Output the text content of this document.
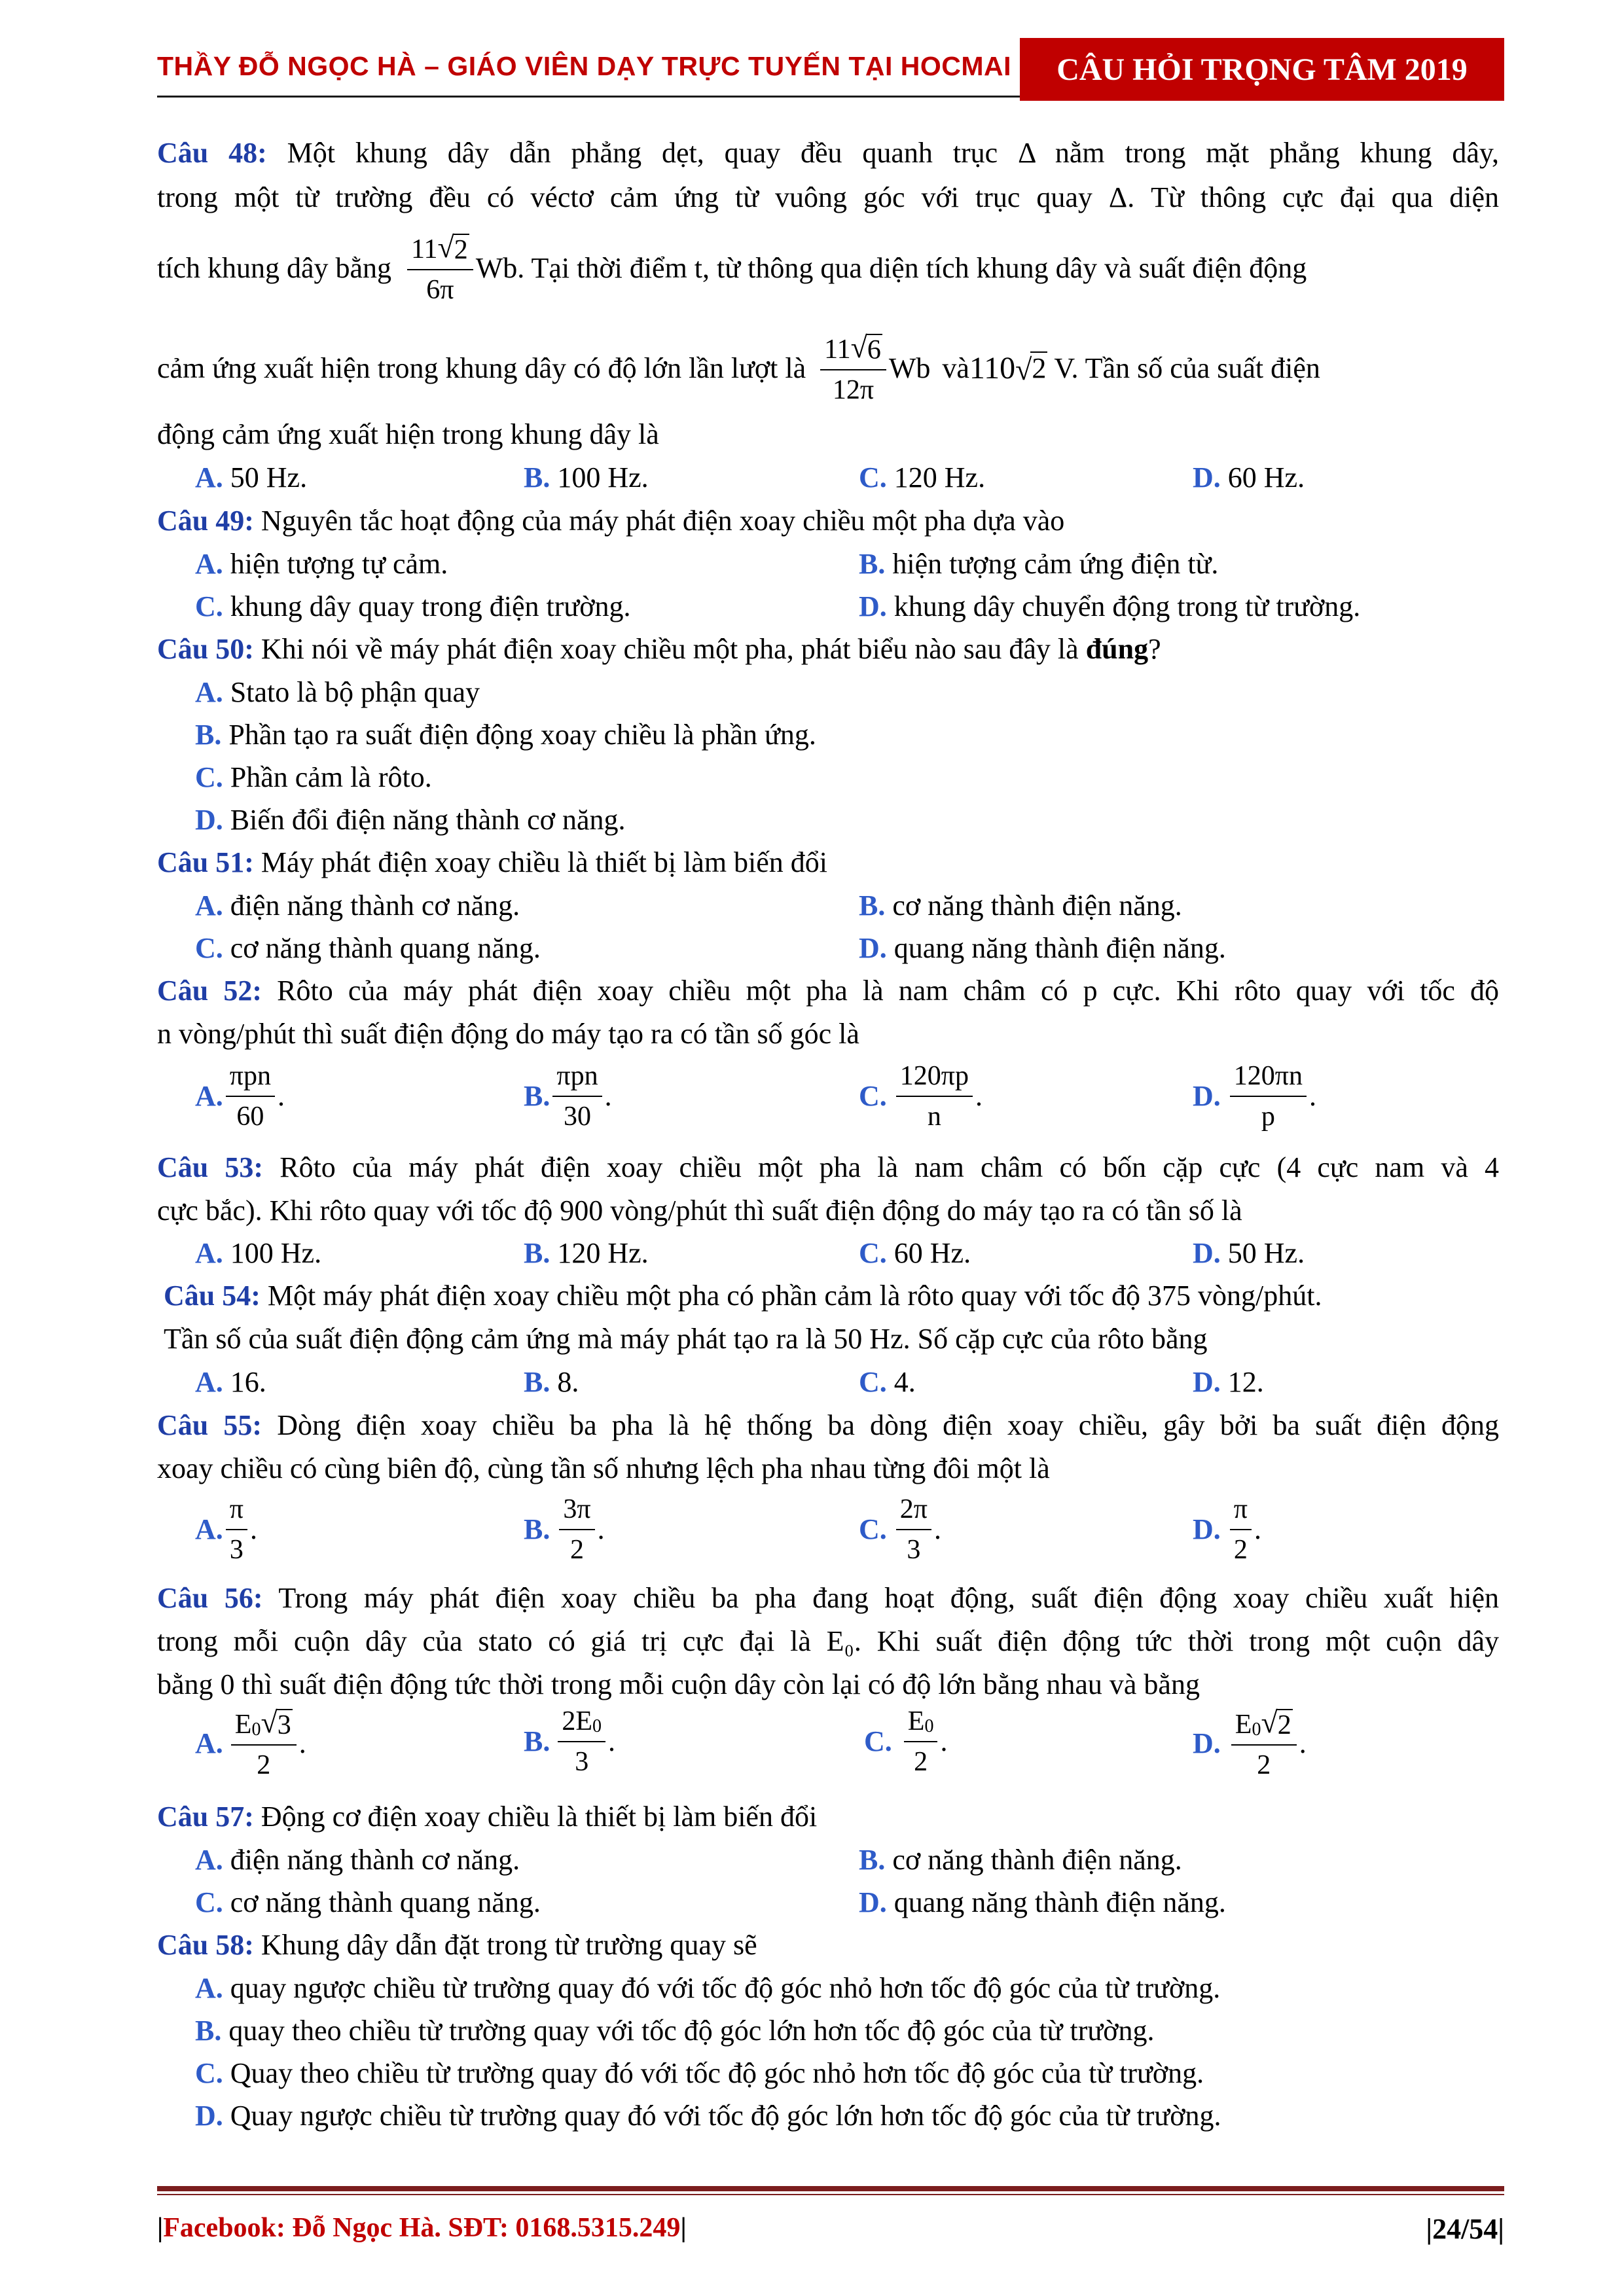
THẦY ĐỖ NGỌC HÀ – GIÁO VIÊN DẠY TRỰC TUYẾN TẠI HOCMAI	CÂU HỎI TRỌNG TÂM 2019
Câu 48: Một khung dây dẫn phẳng dẹt, quay đều quanh trục Δ nằm trong mặt phẳng khung dây,
trong một từ trường đều có véctơ cảm ứng từ vuông góc với trục quay Δ. Từ thông cực đại qua diện
tích khung dây bằng $\frac{11 √ 2}{6\pi} Wb$. Tại thời điểm t, từ thông qua diện tích khung dây và suất điện động
cảm ứng xuất hiện trong khung dây có độ lớn lần lượt là $\frac{11 √ 6}{12\pi}$ Wb và 110 √ 2 V. Tần số của suất điện
động cảm ứng xuất hiện trong khung dây là
A. 50 Hz.	B. 100 Hz.	C. 120 Hz.	D. 60 Hz.
Câu 49: Nguyên tắc hoạt động của máy phát điện xoay chiều một pha dựa vào
A. hiện tượng tự cảm.	B. hiện tượng cảm ứng điện từ.
C. khung dây quay trong điện trường.	D. khung dây chuyển động trong từ trường.
Câu 50: Khi nói về máy phát điện xoay chiều một pha, phát biểu nào sau đây là đúng?
A. Stato là bộ phận quay
B. Phần tạo ra suất điện động xoay chiều là phần ứng.
C. Phần cảm là rôto.
D. Biến đổi điện năng thành cơ năng.
Câu 51: Máy phát điện xoay chiều là thiết bị làm biến đổi
A. điện năng thành cơ năng.	B. cơ năng thành điện năng.
C. cơ năng thành quang năng.	D. quang năng thành điện năng.
Câu 52: Rôto của máy phát điện xoay chiều một pha là nam châm có p cực. Khi rôto quay với tốc độ
n vòng/phút thì suất điện động do máy tạo ra có tần số góc là
A. $\frac{\text{πpn}}{60}$ .	B. $\frac{\text{πpn}}{30}$ .	C. $\frac{120\pi p}{n}$ .	D. $\frac{120\pi n}{p}$ .
Câu 53: Rôto của máy phát điện xoay chiều một pha là nam châm có bốn cặp cực (4 cực nam và 4
cực bắc). Khi rôto quay với tốc độ 900 vòng/phút thì suất điện động do máy tạo ra có tần số là
A. 100 Hz.	B. 120 Hz.	C. 60 Hz.	D. 50 Hz.
Câu 54: Một máy phát điện xoay chiều một pha có phần cảm là rôto quay với tốc độ 375 vòng/phút.
Tần số của suất điện động cảm ứng mà máy phát tạo ra là 50 Hz. Số cặp cực của rôto bằng
A. 16.	B. 8.	C. 4.	D. 12.
Câu 55: Dòng điện xoay chiều ba pha là hệ thống ba dòng điện xoay chiều, gây bởi ba suất điện động
xoay chiều có cùng biên độ, cùng tần số nhưng lệch pha nhau từng đôi một là
A. $\frac{\pi}{3}$ .	B. $\frac{3\pi}{2}$ .	C. $\frac{2\pi}{3}$ .	D. $\frac{\pi}{2}$ .
Câu 56: Trong máy phát điện xoay chiều ba pha đang hoạt động, suất điện động xoay chiều xuất hiện
trong mỗi cuộn dây của stato có giá trị cực đại là E₀. Khi suất điện động tức thời trong một cuộn dây
bằng 0 thì suất điện động tức thời trong mỗi cuộn dây còn lại có độ lớn bằng nhau và bằng
A. $\frac{E 0 √ 3}{2}$ .	B. $\frac{2 E 0}{3}$ .	C. $\frac{E 0}{2}$ .	D. $\frac{E 0 √ 2}{2}$ .
Câu 57: Động cơ điện xoay chiều là thiết bị làm biến đổi
A. điện năng thành cơ năng.	B. cơ năng thành điện năng.
C. cơ năng thành quang năng.	D. quang năng thành điện năng.
Câu 58: Khung dây dẫn đặt trong từ trường quay sẽ
A. quay ngược chiều từ trường quay đó với tốc độ góc nhỏ hơn tốc độ góc của từ trường.
B. quay theo chiều từ trường quay với tốc độ góc lớn hơn tốc độ góc của từ trường.
C. Quay theo chiều từ trường quay đó với tốc độ góc nhỏ hơn tốc độ góc của từ trường.
D. Quay ngược chiều từ trường quay đó với tốc độ góc lớn hơn tốc độ góc của từ trường.
|Facebook: Đỗ Ngọc Hà. SĐT: 0168.5315.249|	|24/54|
